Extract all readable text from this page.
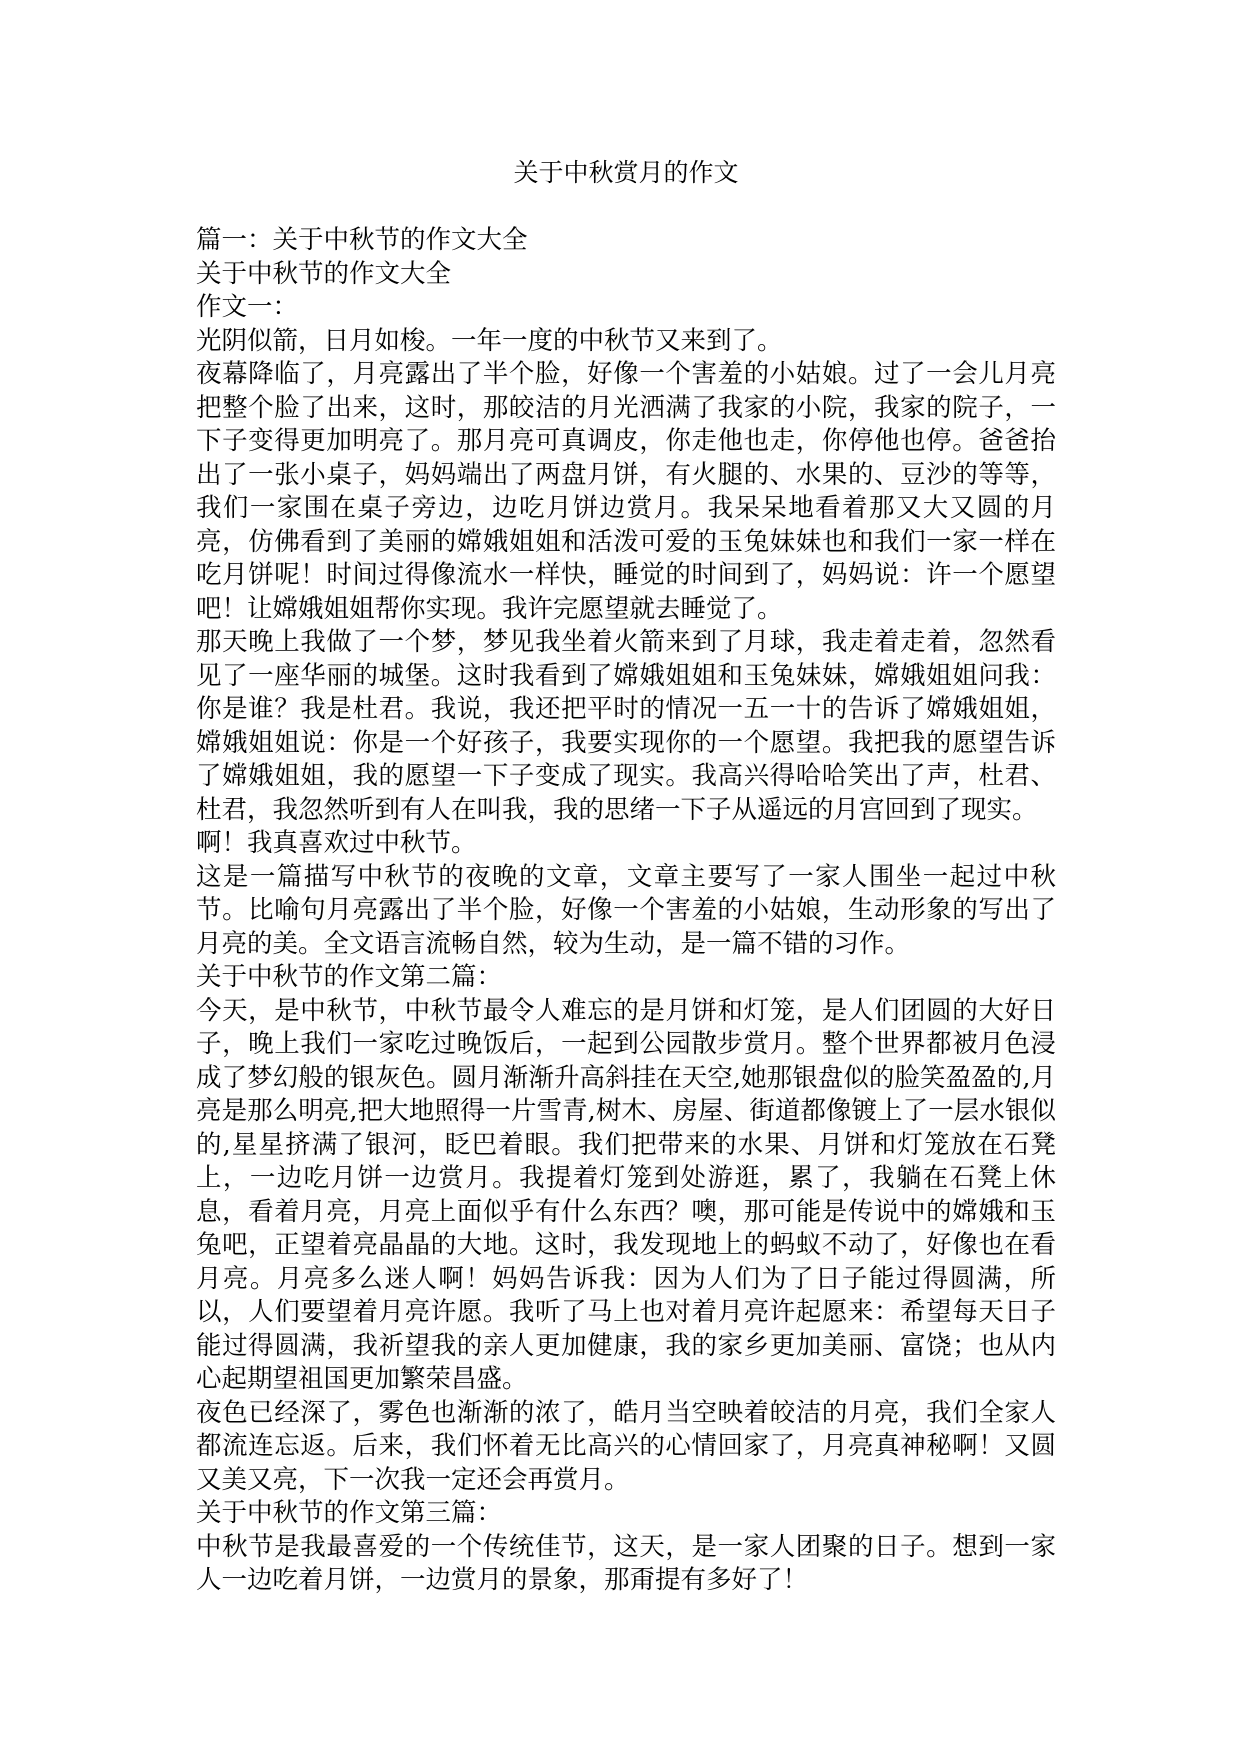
关于中秋赏月的作文

篇一：关于中秋节的作文大全

关于中秋节的作文大全

作文一：

光阴似箭，日月如梭。一年一度的中秋节又来到了。

夜幕降临了，月亮露出了半个脸，好像一个害羞的小姑娘。过了一会儿月亮把整个脸了出来，这时，那皎洁的月光洒满了我家的小院，我家的院子，一下子变得更加明亮了。那月亮可真调皮，你走他也走，你停他也停。爸爸抬出了一张小桌子，妈妈端出了两盘月饼，有火腿的、水果的、豆沙的等等，我们一家围在桌子旁边，边吃月饼边赏月。我呆呆地看着那又大又圆的月亮，仿佛看到了美丽的嫦娥姐姐和活泼可爱的玉兔妹妹也和我们一家一样在吃月饼呢！时间过得像流水一样快，睡觉的时间到了，妈妈说：许一个愿望吧！让嫦娥姐姐帮你实现。我许完愿望就去睡觉了。

那天晚上我做了一个梦，梦见我坐着火箭来到了月球，我走着走着，忽然看见了一座华丽的城堡。这时我看到了嫦娥姐姐和玉兔妹妹，嫦娥姐姐问我：你是谁？我是杜君。我说，我还把平时的情况一五一十的告诉了嫦娥姐姐，嫦娥姐姐说：你是一个好孩子，我要实现你的一个愿望。我把我的愿望告诉了嫦娥姐姐，我的愿望一下子变成了现实。我高兴得哈哈笑出了声，杜君、杜君，我忽然听到有人在叫我，我的思绪一下子从遥远的月宫回到了现实。

啊！我真喜欢过中秋节。

这是一篇描写中秋节的夜晚的文章，文章主要写了一家人围坐一起过中秋节。比喻句月亮露出了半个脸，好像一个害羞的小姑娘，生动形象的写出了月亮的美。全文语言流畅自然，较为生动，是一篇不错的习作。

关于中秋节的作文第二篇：

今天，是中秋节，中秋节最令人难忘的是月饼和灯笼，是人们团圆的大好日子，晚上我们一家吃过晚饭后，一起到公园散步赏月。整个世界都被月色浸成了梦幻般的银灰色。圆月渐渐升高斜挂在天空,她那银盘似的脸笑盈盈的,月亮是那么明亮,把大地照得一片雪青,树木、房屋、街道都像镀上了一层水银似的,星星挤满了银河，眨巴着眼。我们把带来的水果、月饼和灯笼放在石凳上，一边吃月饼一边赏月。我提着灯笼到处游逛，累了，我躺在石凳上休息，看着月亮，月亮上面似乎有什么东西？噢，那可能是传说中的嫦娥和玉兔吧，正望着亮晶晶的大地。这时，我发现地上的蚂蚁不动了，好像也在看月亮。月亮多么迷人啊！妈妈告诉我：因为人们为了日子能过得圆满，所以，人们要望着月亮许愿。我听了马上也对着月亮许起愿来：希望每天日子能过得圆满，我祈望我的亲人更加健康，我的家乡更加美丽、富饶；也从内心起期望祖国更加繁荣昌盛。

夜色已经深了，雾色也渐渐的浓了，皓月当空映着皎洁的月亮，我们全家人都流连忘返。后来，我们怀着无比高兴的心情回家了，月亮真神秘啊！又圆又美又亮，下一次我一定还会再赏月。

关于中秋节的作文第三篇：

中秋节是我最喜爱的一个传统佳节，这天，是一家人团聚的日子。想到一家人一边吃着月饼，一边赏月的景象，那甭提有多好了！
